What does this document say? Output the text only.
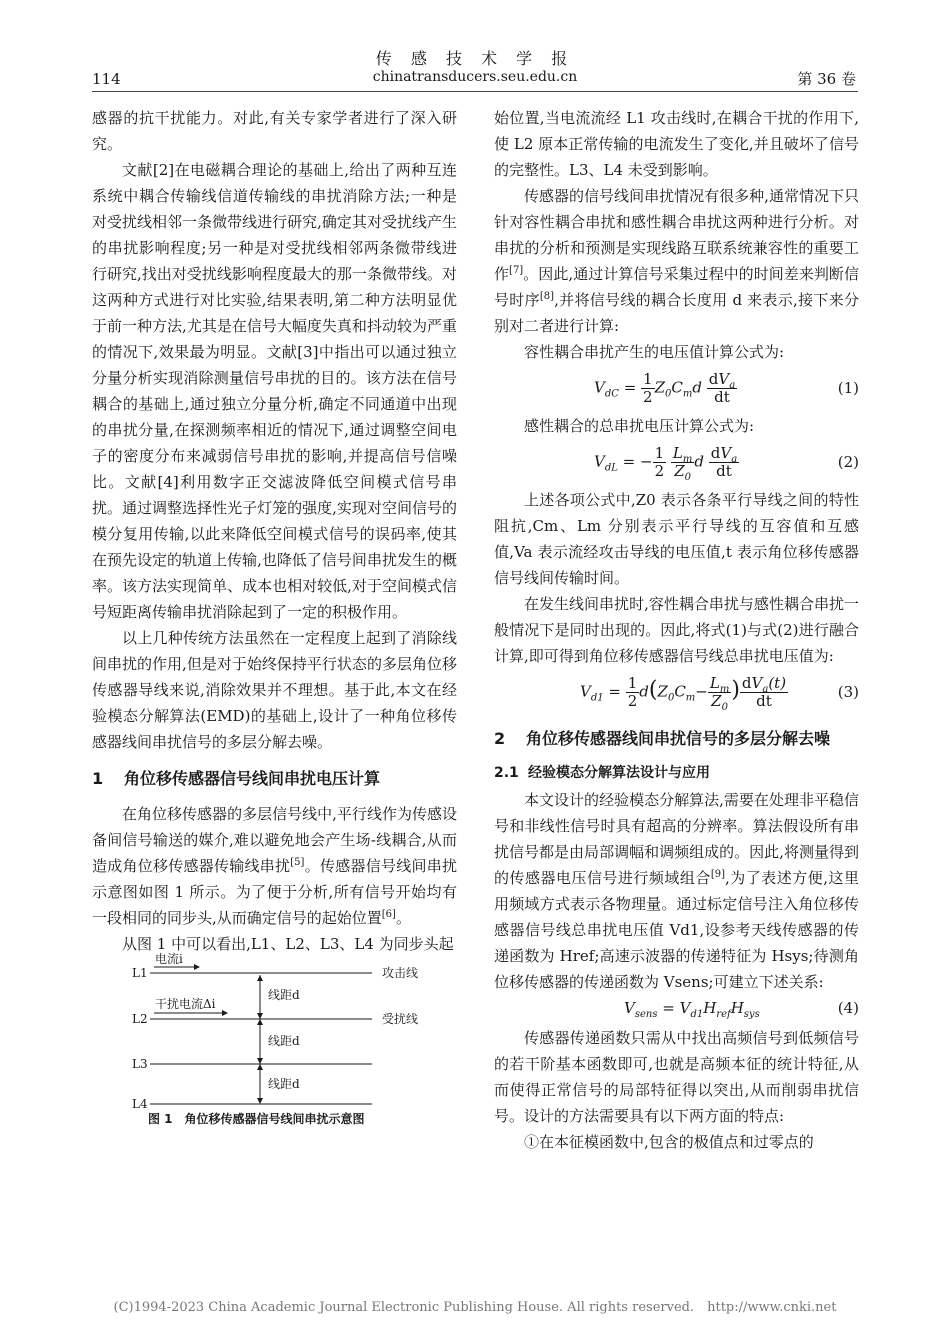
114
传 感 技 术 学 报
chinatransducers.seu.edu.cn	第 36 卷

感器的抗干扰能力。对此,有关专家学者进行了深入研究。

文献[2]在电磁耦合理论的基础上,给出了两种互连系统中耦合传输线信道传输线的串扰消除方法;一种是对受扰线相邻一条微带线进行研究,确定其对受扰线产生的串扰影响程度;另一种是对受扰线相邻两条微带线进行研究,找出对受扰线影响程度最大的那一条微带线。对这两种方式进行对比实验,结果表明,第二种方法明显优于前一种方法,尤其是在信号大幅度失真和抖动较为严重的情况下,效果最为明显。文献[3]中指出可以通过独立分量分析实现消除测量信号串扰的目的。该方法在信号耦合的基础上,通过独立分量分析,确定不同通道中出现的串扰分量,在探测频率相近的情况下,通过调整空间电子的密度分布来减弱信号串扰的影响,并提高信号信噪比。文献[4]利用数字正交滤波降低空间模式信号串扰。通过调整选择性光子灯笼的强度,实现对空间信号的模分复用传输,以此来降低空间模式信号的误码率,使其在预先设定的轨道上传输,也降低了信号间串扰发生的概率。该方法实现简单、成本也相对较低,对于空间模式信号短距离传输串扰消除起到了一定的积极作用。

以上几种传统方法虽然在一定程度上起到了消除线间串扰的作用,但是对于始终保持平行状态的多层角位移传感器导线来说,消除效果并不理想。基于此,本文在经验模态分解算法(EMD)的基础上,设计了一种角位移传感器线间串扰信号的多层分解去噪。

1 角位移传感器信号线间串扰电压计算

在角位移传感器的多层信号线中,平行线作为传感设备间信号输送的媒介,难以避免地会产生场-线耦合,从而造成角位移传感器传输线串扰[5]。传感器信号线间串扰示意图如图 1 所示。为了便于分析,所有信号开始均有一段相同的同步头,从而确定信号的起始位置[6]。

从图 1 中可以看出,L1、L2、L3、L4 为同步头起

电流i
干扰电流Δi
L1
L2
L3
L4
攻击线
受扰线
线距d
线距d
线距d
图 1　角位移传感器信号线间串扰示意图

始位置,当电流流经 L1 攻击线时,在耦合干扰的作用下,使 L2 原本正常传输的电流发生了变化,并且破坏了信号的完整性。L3、L4 未受到影响。

传感器的信号线间串扰情况有很多种,通常情况下只针对容性耦合串扰和感性耦合串扰这两种进行分析。对串扰的分析和预测是实现线路互联系统兼容性的重要工作[7]。因此,通过计算信号采集过程中的时间差来判断信号时序[8],并将信号线的耦合长度用 d 来表示,接下来分别对二者进行计算:

容性耦合串扰产生的电压值计算公式为:

$V_{dC} = \frac{1}{2} Z_0C_md \frac{dV_a}{dt}$	(1)

感性耦合的总串扰电压计算公式为:

$V_{dL}$ = − $\frac{1}{2}$
$\frac{L_m}{Z_0}$ d $\frac{dV_a}{dt}$	(2)

上述各项公式中,Z0 表示各条平行导线之间的特性阻抗,Cm、Lm 分别表示平行导线的互容值和互感值,Va 表示流经攻击导线的电压值,t 表示角位移传感器信号线间传输时间。

在发生线间串扰时,容性耦合串扰与感性耦合串扰一般情况下是同时出现的。因此,将式(1)与式(2)进行融合计算,即可得到角位移传感器信号线总串扰电压值为:

$V_{d1} = \frac{1}{2} d(Z_0C_m- \frac{L_m}{Z_0}$ ) $\frac{dV_a(t)}{dt}$	(3)
2	角位移传感器线间串扰信号的多层分解去噪
2.1 经验模态分解算法设计与应用

本文设计的经验模态分解算法,需要在处理非平稳信号和非线性信号时具有超高的分辨率。算法假设所有串扰信号都是由局部调幅和调频组成的。因此,将测量得到的传感器电压信号进行频域组合[9],为了表述方便,这里用频域方式表示各物理量。通过标定信号注入角位移传感器信号线总串扰电压值 Vd1,设参考天线传感器的传递函数为 Href;高速示波器的传递特征为 Hsys;待测角位移传感器的传递函数为 Vsens;可建立下述关系:

$V_{sens} = V_{d1}H_{ref}H_{sys}$	(4)

传感器传递函数只需从中找出高频信号到低频信号的若干阶基本函数即可,也就是高频本征的统计特征,从而使得正常信号的局部特征得以突出,从而削弱串扰信号。设计的方法需要具有以下两方面的特点:

①在本征模函数中,包含的极值点和过零点的

(C)1994-2023 China Academic Journal Electronic Publishing House. All rights reserved.　http://www.cnki.net
